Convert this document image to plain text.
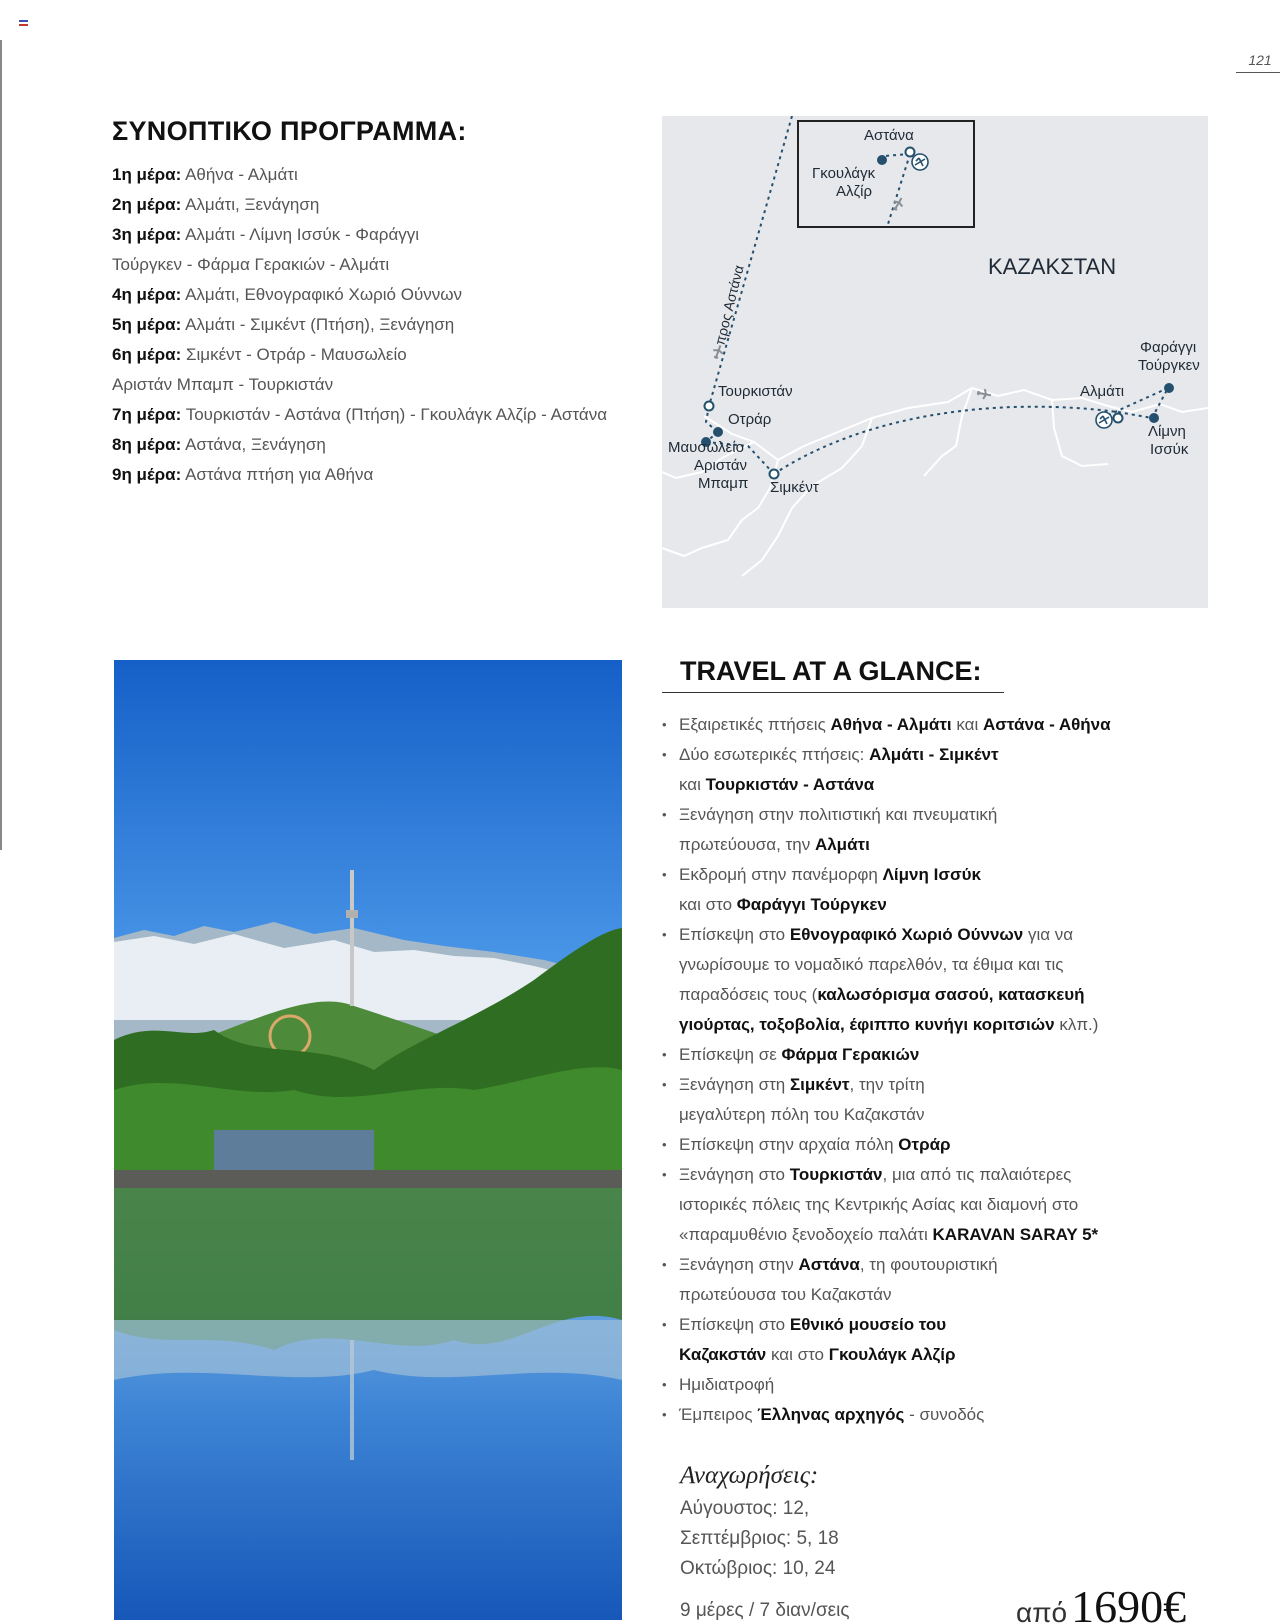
121
ΣΥΝΟΠΤΙΚΟ ΠΡΟΓΡΑΜΜΑ:
1η μέρα: Αθήνα - Αλμάτι
2η μέρα: Αλμάτι, Ξενάγηση
3η μέρα: Αλμάτι - Λίμνη Ισσύκ - Φαράγγι
Τούργκεν - Φάρμα Γερακιών - Αλμάτι
4η μέρα: Αλμάτι, Εθνογραφικό Χωριό Ούννων
5η μέρα: Αλμάτι - Σιμκέντ (Πτήση), Ξενάγηση
6η μέρα: Σιμκέντ - Οτράρ - Μαυσωλείο
Αριστάν Μπαμπ - Τουρκιστάν
7η μέρα: Τουρκιστάν - Αστάνα (Πτήση) - Γκουλάγκ Αλζίρ - Αστάνα
8η μέρα: Αστάνα, Ξενάγηση
9η μέρα: Αστάνα πτήση για Αθήνα
Αστάνα
Γκουλάγκ
Αλζίρ
ΚΑΖΑΚΣΤΑΝ
προς Αστάνα
Φαράγγι
Τούργκεν
Τουρκιστάν	Αλμάτι
Οτράρ
Λίμνη
Ισσύκ
Μαυσωλείο
Αριστάν
Μπαμπ Σιμκέντ
TRAVEL AT A GLANCE:
• Εξαιρετικές πτήσεις Αθήνα - Αλμάτι και Αστάνα - Αθήνα
• Δύο εσωτερικές πτήσεις: Αλμάτι - Σιμκέντ
και Τουρκιστάν - Αστάνα
• Ξενάγηση στην πολιτιστική και πνευματική
πρωτεύουσα, την Αλμάτι
• Εκδρομή στην πανέμορφη Λίμνη Ισσύκ
και στο Φαράγγι Τούργκεν
• Επίσκεψη στο Εθνογραφικό Χωριό Ούννων για να
γνωρίσουμε το νομαδικό παρελθόν, τα έθιμα και τις
παραδόσεις τους (καλωσόρισμα σασού, κατασκευή
γιούρτας, τοξοβολία, έφιππο κυνήγι κοριτσιών κλπ.)
• Επίσκεψη σε Φάρμα Γερακιών
• Ξενάγηση στη Σιμκέντ, την τρίτη
μεγαλύτερη πόλη του Καζακστάν
• Επίσκεψη στην αρχαία πόλη Οτράρ
• Ξενάγηση στο Τουρκιστάν, μια από τις παλαιότερες
ιστορικές πόλεις της Κεντρικής Ασίας και διαμονή στο
«παραμυθένιο ξενοδοχείο παλάτι KARAVAN SARAY 5*
• Ξενάγηση στην Αστάνα, τη φουτουριστική
πρωτεύουσα του Καζακστάν
• Επίσκεψη στο Εθνικό μουσείο του
Καζακστάν και στο Γκουλάγκ Αλζίρ
• Ημιδιατροφή
• Έμπειρος Έλληνας αρχηγός - συνοδός
Αναχωρήσεις:
Αύγουστος: 12,
Σεπτέμβριος: 5, 18
Οκτώβριος: 10, 24
9 μέρες / 7 διαν/σεις	από1690€
